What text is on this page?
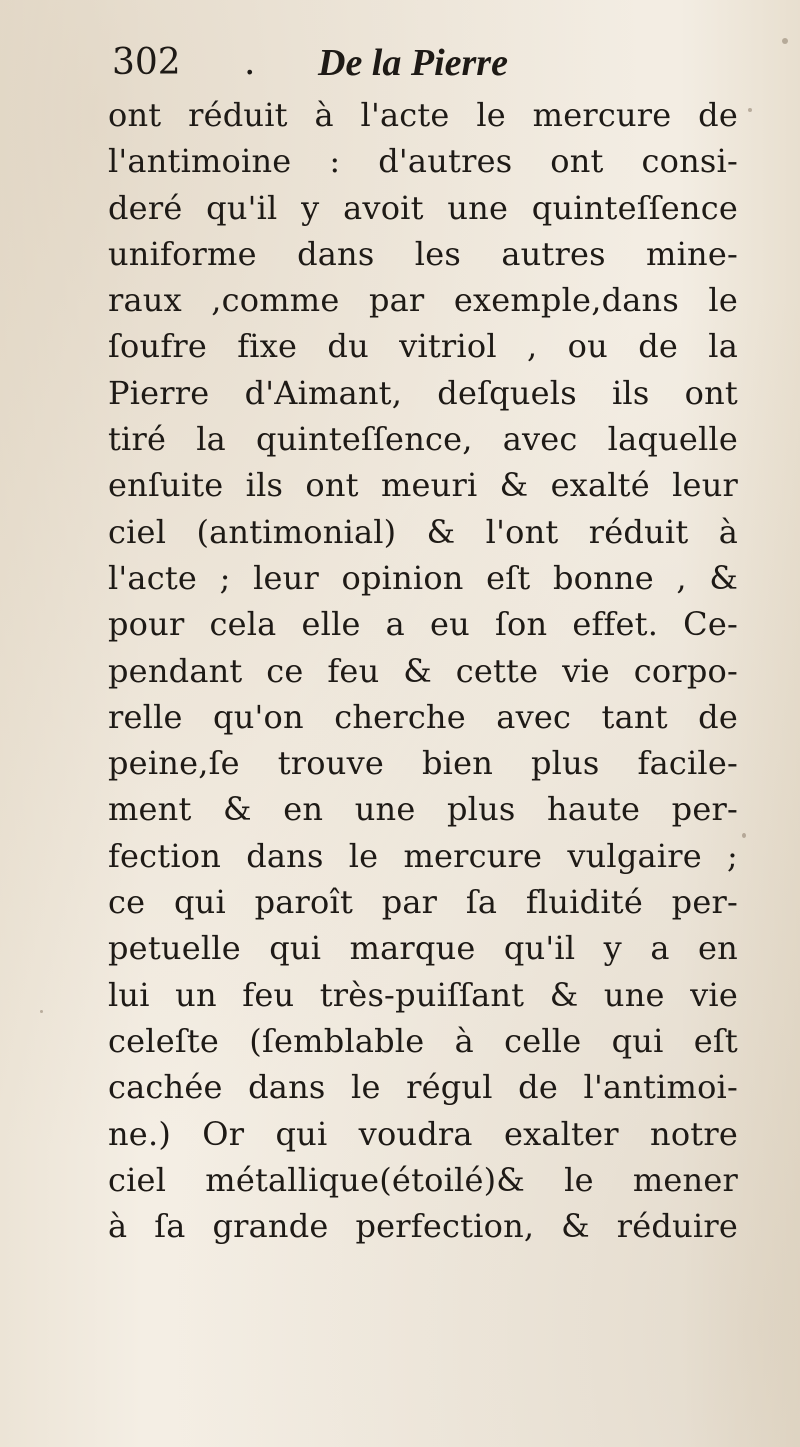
302 . De la Pierre
ont réduit à l'acte le mercure de
l'antimoine : d'autres ont consi-
deré qu'il y avoit une quinteſſence
uniforme dans les autres mine-
raux ,comme par exemple,dans le
ſoufre fixe du vitriol , ou de la
Pierre d'Aimant, deſquels ils ont
tiré la quinteſſence, avec laquelle
enſuite ils ont meuri & exalté leur
ciel (antimonial) & l'ont réduit à
l'acte ; leur opinion eſt bonne , &
pour cela elle a eu ſon effet. Ce-
pendant ce feu & cette vie corpo-
relle qu'on cherche avec tant de
peine,ſe trouve bien plus facile-
ment & en une plus haute per-
fection dans le mercure vulgaire ;
ce qui paroît par ſa fluidité per-
petuelle qui marque qu'il y a en
lui un feu très-puiſſant & une vie
celeſte (ſemblable à celle qui eſt
cachée dans le régul de l'antimoi-
ne.) Or qui voudra exalter notre
ciel métallique(étoilé)& le mener
à ſa grande perfection, & réduire
